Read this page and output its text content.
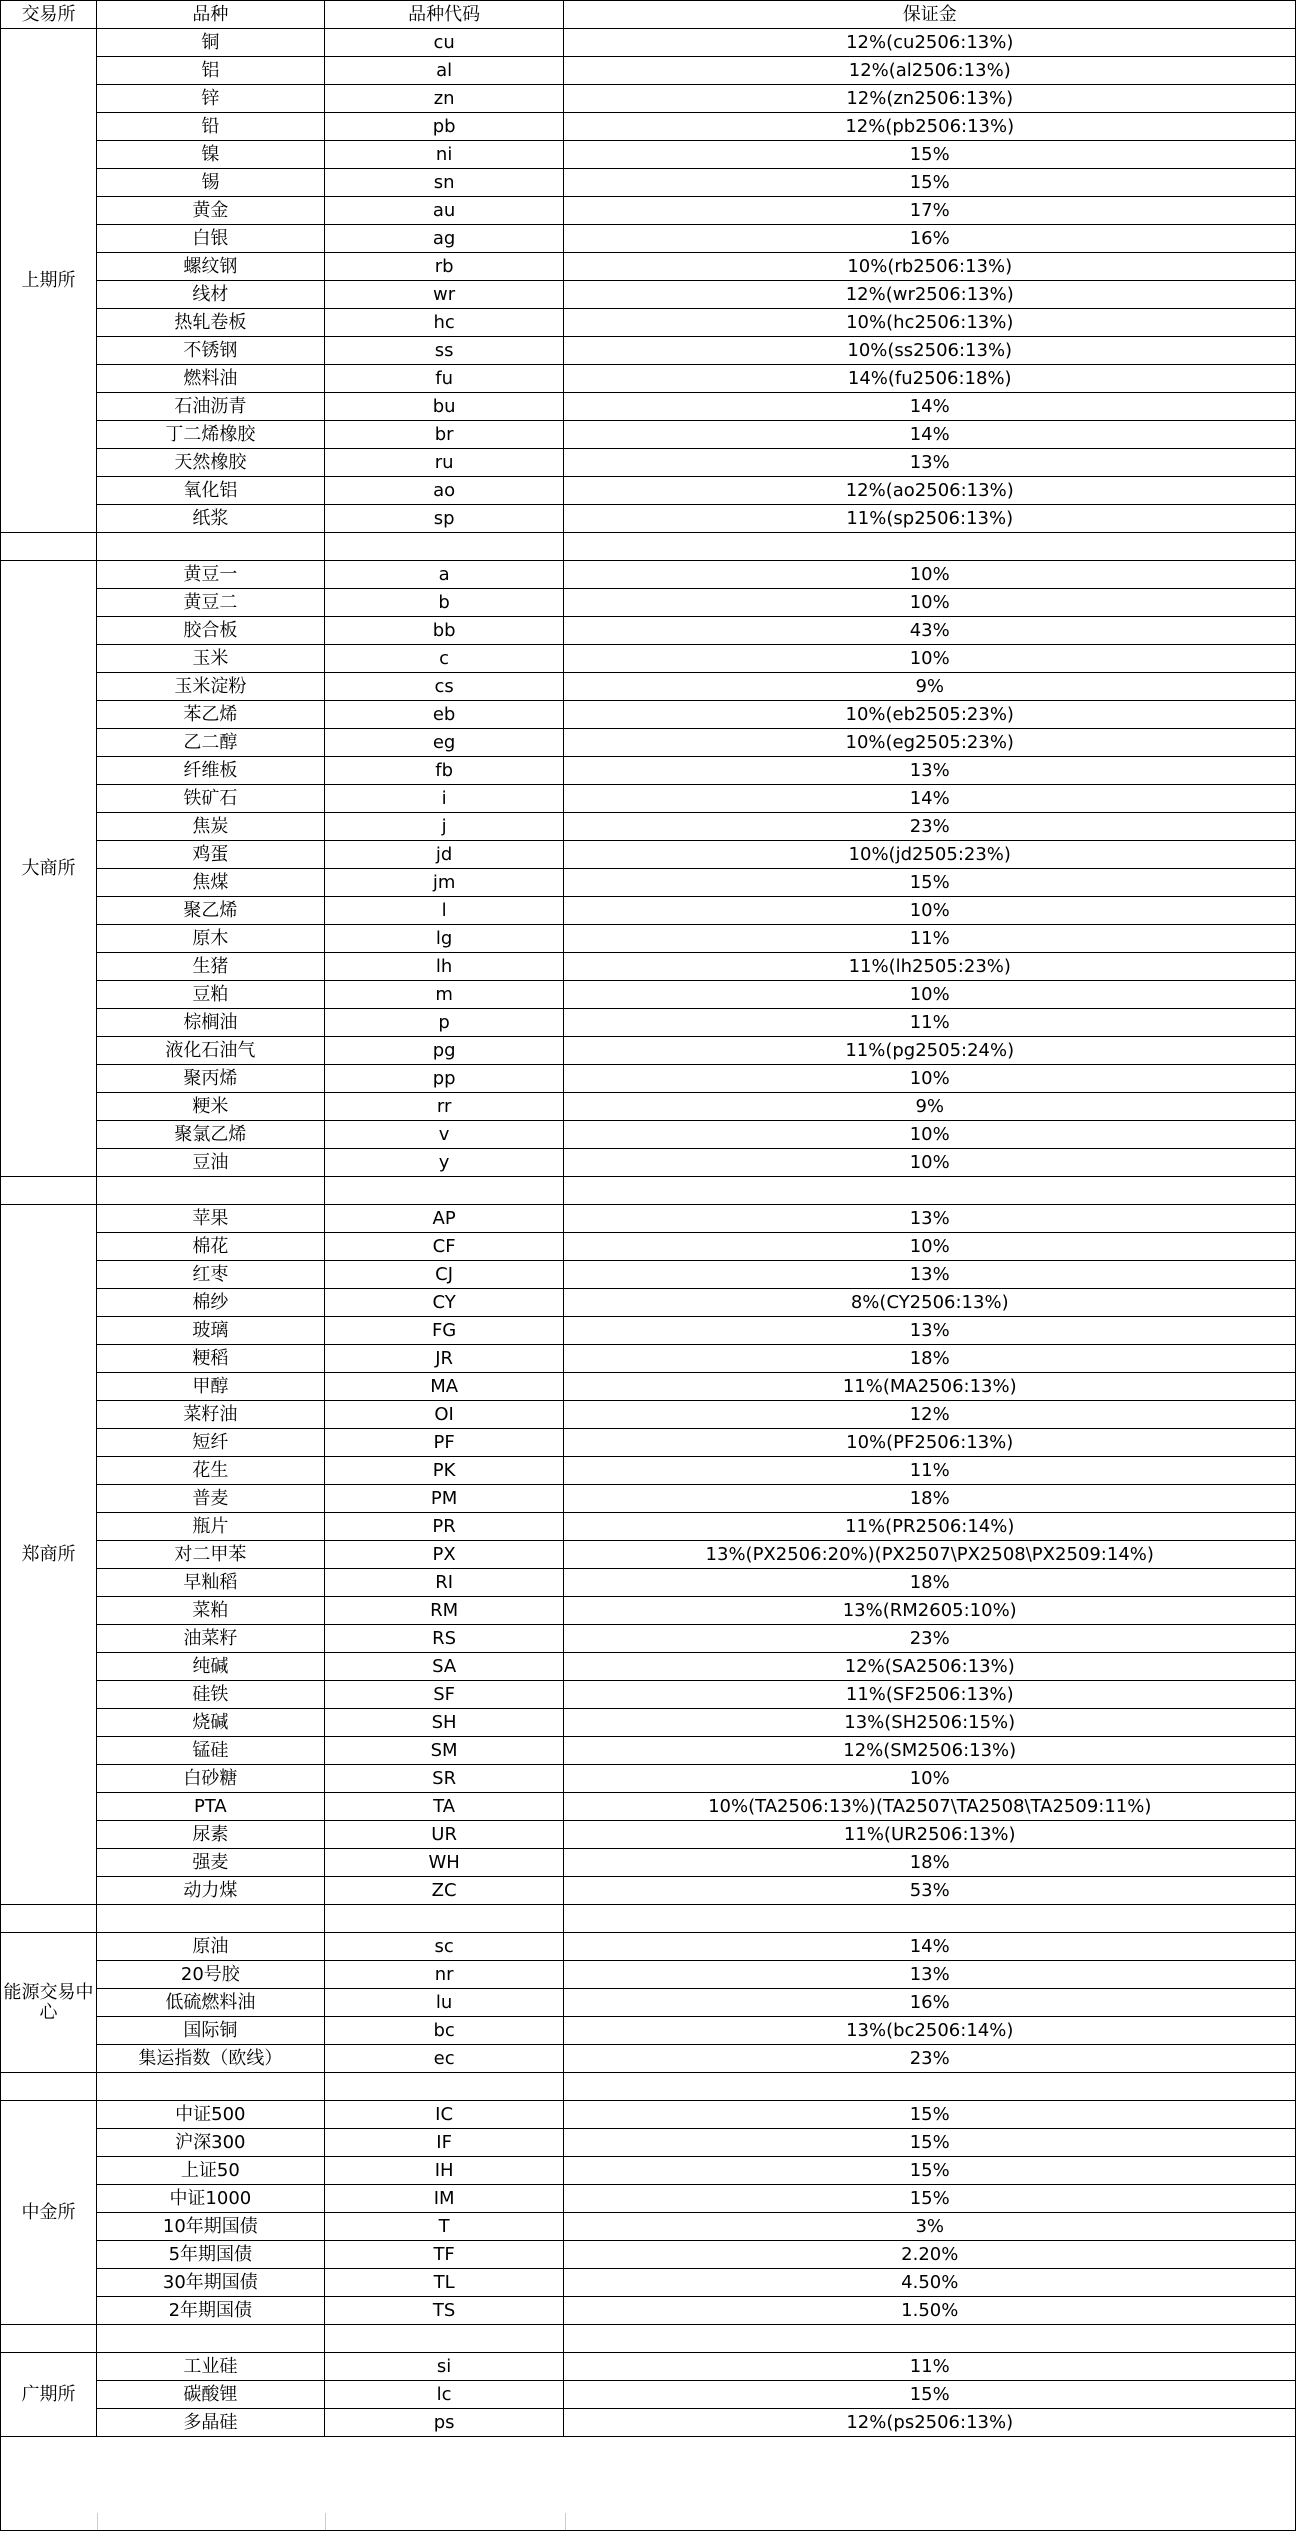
交易所	品种	品种代码	保证金
上期所	铜	cu	12%(cu2506:13%)
	铝	al	12%(al2506:13%)
	锌	zn	12%(zn2506:13%)
	铅	pb	12%(pb2506:13%)
	镍	ni	15%
	锡	sn	15%
	黄金	au	17%
	白银	ag	16%
	螺纹钢	rb	10%(rb2506:13%)
	线材	wr	12%(wr2506:13%)
	热轧卷板	hc	10%(hc2506:13%)
	不锈钢	ss	10%(ss2506:13%)
	燃料油	fu	14%(fu2506:18%)
	石油沥青	bu	14%
	丁二烯橡胶	br	14%
	天然橡胶	ru	13%
	氧化铝	ao	12%(ao2506:13%)
	纸浆	sp	11%(sp2506:13%)

大商所	黄豆一	a	10%
	黄豆二	b	10%
	胶合板	bb	43%
	玉米	c	10%
	玉米淀粉	cs	9%
	苯乙烯	eb	10%(eb2505:23%)
	乙二醇	eg	10%(eg2505:23%)
	纤维板	fb	13%
	铁矿石	i	14%
	焦炭	j	23%
	鸡蛋	jd	10%(jd2505:23%)
	焦煤	jm	15%
	聚乙烯	l	10%
	原木	lg	11%
	生猪	lh	11%(lh2505:23%)
	豆粕	m	10%
	棕榈油	p	11%
	液化石油气	pg	11%(pg2505:24%)
	聚丙烯	pp	10%
	粳米	rr	9%
	聚氯乙烯	v	10%
	豆油	y	10%

郑商所	苹果	AP	13%
	棉花	CF	10%
	红枣	CJ	13%
	棉纱	CY	8%(CY2506:13%)
	玻璃	FG	13%
	粳稻	JR	18%
	甲醇	MA	11%(MA2506:13%)
	菜籽油	OI	12%
	短纤	PF	10%(PF2506:13%)
	花生	PK	11%
	普麦	PM	18%
	瓶片	PR	11%(PR2506:14%)
	对二甲苯	PX	13%(PX2506:20%)(PX2507\PX2508\PX2509:14%)
	早籼稻	RI	18%
	菜粕	RM	13%(RM2605:10%)
	油菜籽	RS	23%
	纯碱	SA	12%(SA2506:13%)
	硅铁	SF	11%(SF2506:13%)
	烧碱	SH	13%(SH2506:15%)
	锰硅	SM	12%(SM2506:13%)
	白砂糖	SR	10%
	PTA	TA	10%(TA2506:13%)(TA2507\TA2508\TA2509:11%)
	尿素	UR	11%(UR2506:13%)
	强麦	WH	18%
	动力煤	ZC	53%

能源交易中心	原油	sc	14%
	20号胶	nr	13%
	低硫燃料油	lu	16%
	国际铜	bc	13%(bc2506:14%)
	集运指数（欧线）	ec	23%

中金所	中证500	IC	15%
	沪深300	IF	15%
	上证50	IH	15%
	中证1000	IM	15%
	10年期国债	T	3%
	5年期国债	TF	2.20%
	30年期国债	TL	4.50%
	2年期国债	TS	1.50%

广期所	工业硅	si	11%
	碳酸锂	lc	15%
	多晶硅	ps	12%(ps2506:13%)
